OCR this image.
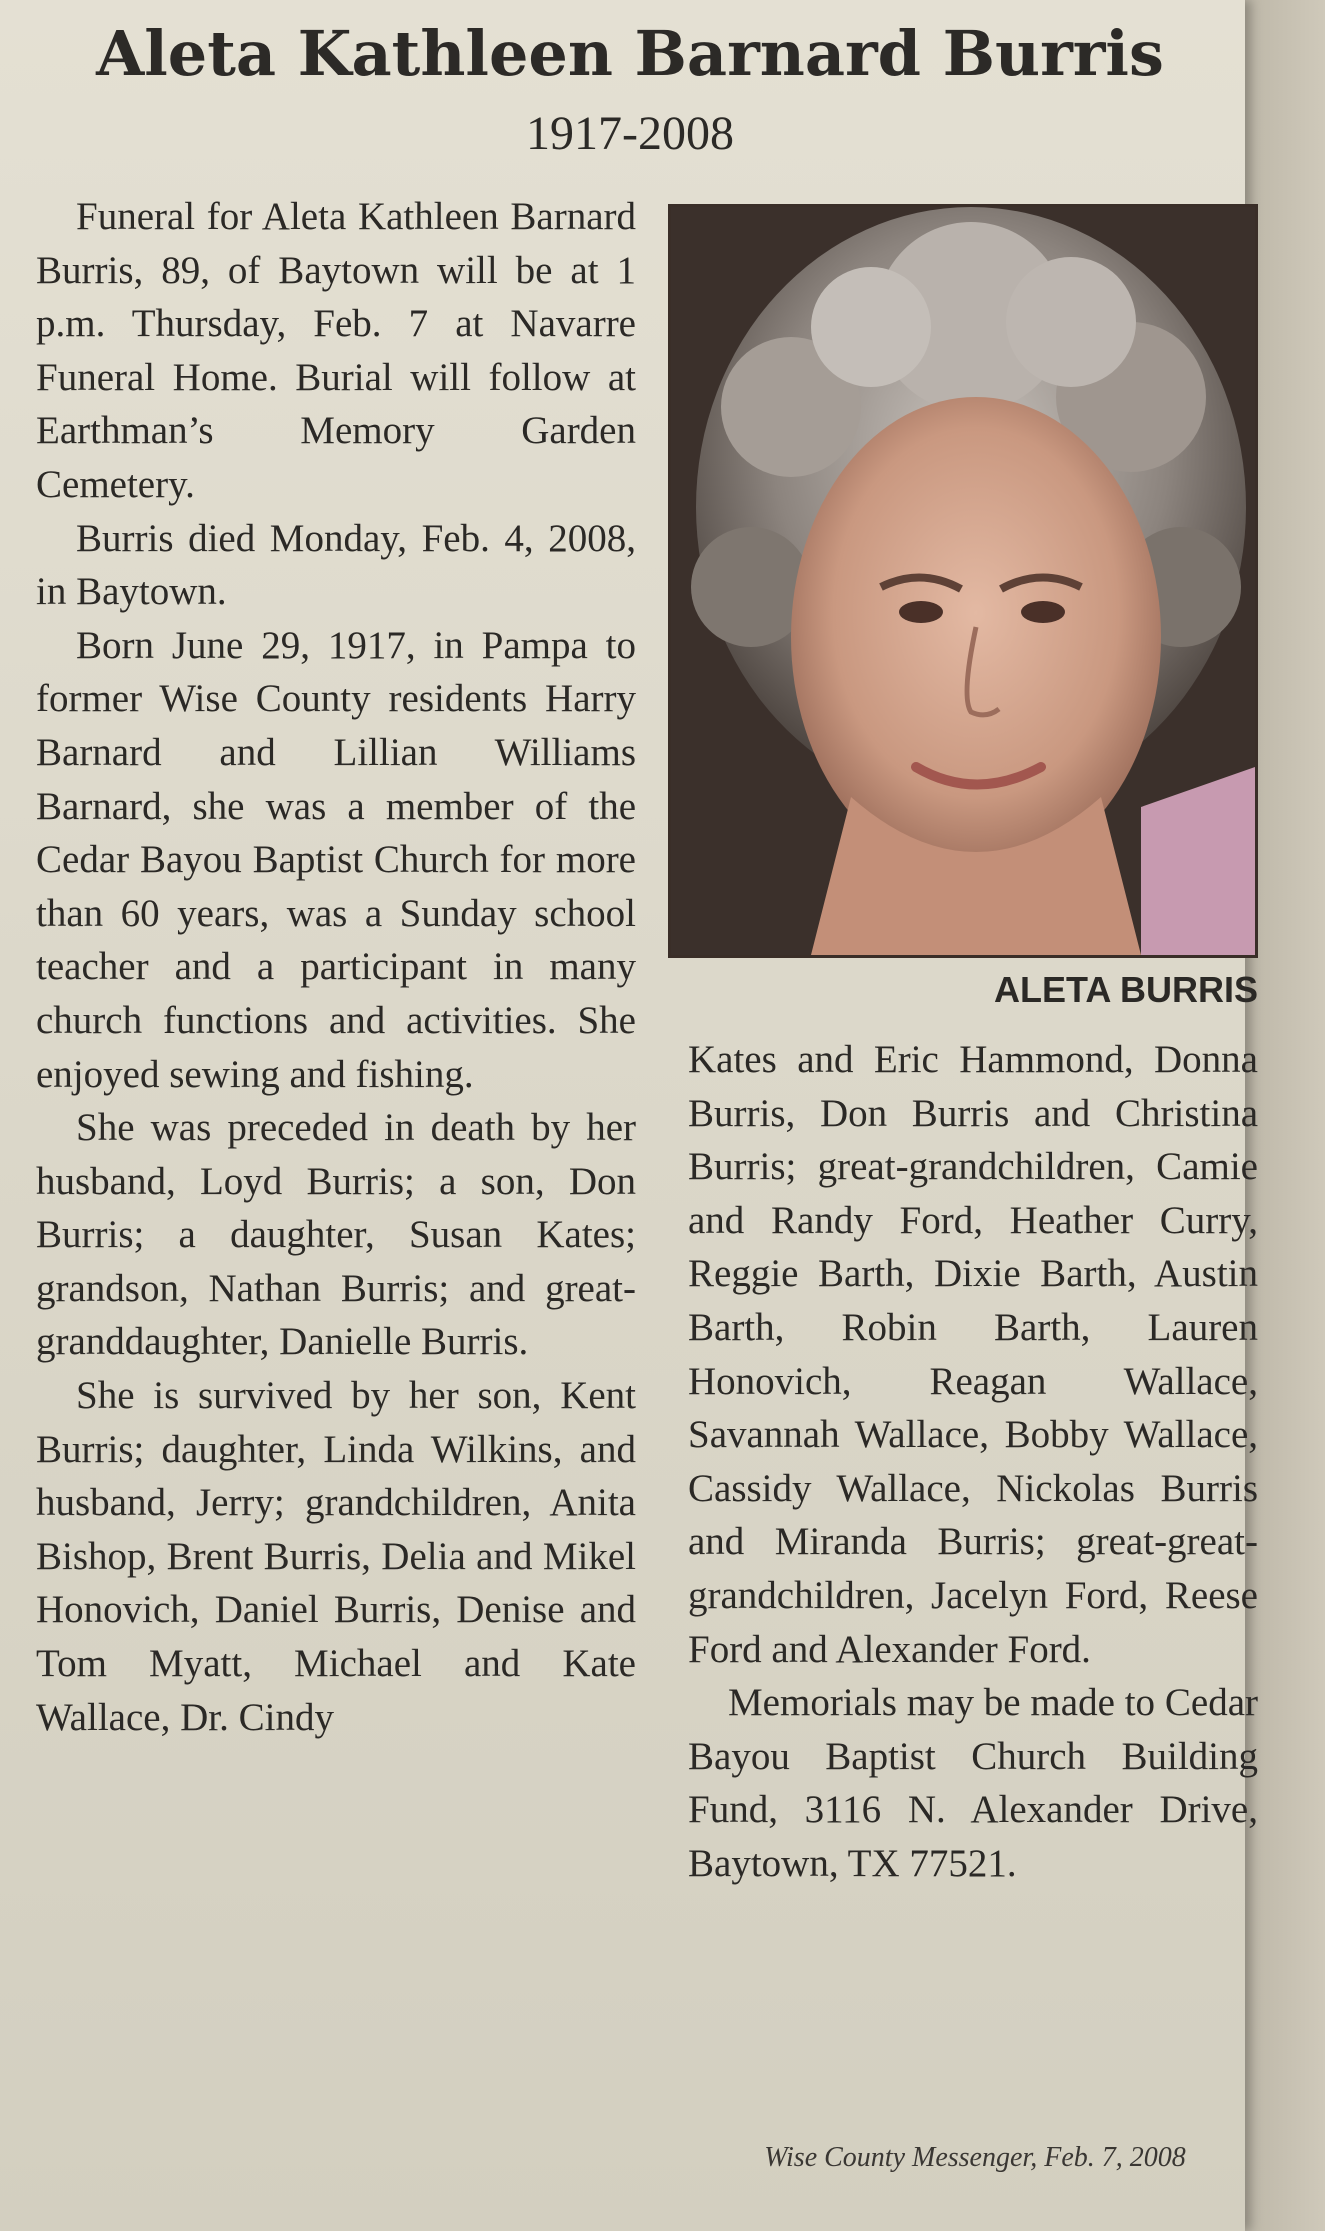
Aleta Kathleen Barnard Burris
1917-2008

Funeral for Aleta Kathleen Barnard Burris, 89, of Baytown will be at 1 p.m. Thursday, Feb. 7 at Navarre Funeral Home. Burial will follow at Earthman’s Memory Garden Cemetery.

Burris died Monday, Feb. 4, 2008, in Baytown.

Born June 29, 1917, in Pampa to former Wise County residents Harry Barnard and Lillian Williams Barnard, she was a member of the Cedar Bayou Baptist Church for more than 60 years, was a Sunday school teacher and a participant in many church functions and activities. She enjoyed sewing and fishing.

She was preceded in death by her husband, Loyd Burris; a son, Don Burris; a daughter, Susan Kates; grandson, Nathan Burris; and great-granddaughter, Danielle Burris.

She is survived by her son, Kent Burris; daughter, Linda Wilkins, and husband, Jerry; grandchildren, Anita Bishop, Brent Burris, Delia and Mikel Honovich, Daniel Burris, Denise and Tom Myatt, Michael and Kate Wallace, Dr. Cindy

ALETA BURRIS

Kates and Eric Hammond, Donna Burris, Don Burris and Christina Burris; great-grandchildren, Camie and Randy Ford, Heather Curry, Reggie Barth, Dixie Barth, Austin Barth, Robin Barth, Lauren Honovich, Reagan Wallace, Savannah Wallace, Bobby Wallace, Cassidy Wallace, Nickolas Burris and Miranda Burris; great-great-grandchildren, Jacelyn Ford, Reese Ford and Alexander Ford.

Memorials may be made to Cedar Bayou Baptist Church Building Fund, 3116 N. Alexander Drive, Baytown, TX 77521.

Wise County Messenger, Feb. 7, 2008
